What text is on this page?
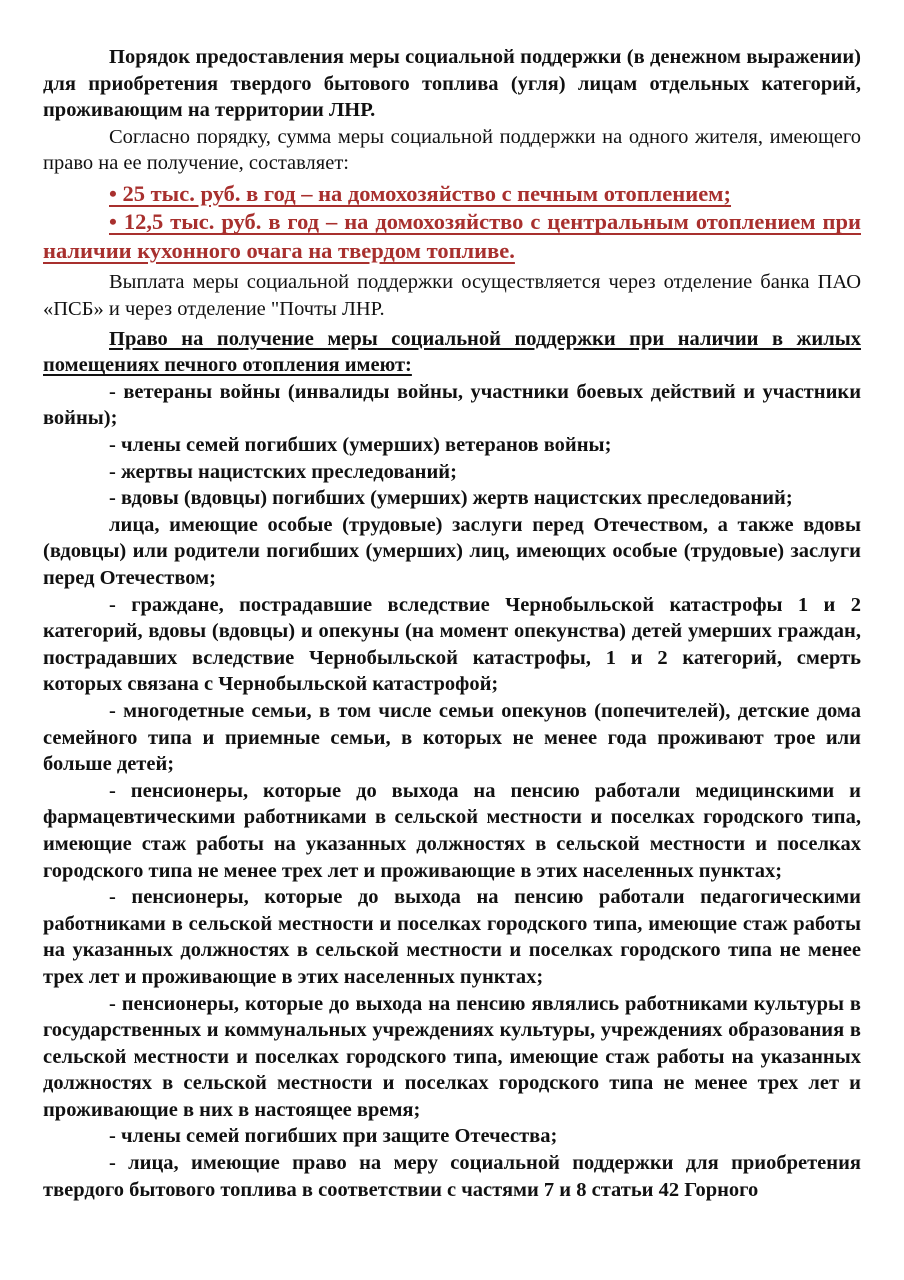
Порядок предоставления меры социальной поддержки (в денежном выражении) для приобретения твердого бытового топлива (угля) лицам отдельных категорий, проживающим на территории ЛНР.

Согласно порядку, сумма меры социальной поддержки на одного жителя, имеющего право на ее получение, составляет:

• 25 тыс. руб. в год – на домохозяйство с печным отоплением;

• 12,5 тыс. руб. в год – на домохозяйство с центральным отоплением при наличии кухонного очага на твердом топливе.

Выплата меры социальной поддержки осуществляется через отделение банка ПАО «ПСБ» и через отделение "Почты ЛНР.

Право на получение меры социальной поддержки при наличии в жилых помещениях печного отопления имеют:

- ветераны войны (инвалиды войны, участники боевых действий и участники войны);

- члены семей погибших (умерших) ветеранов войны;

- жертвы нацистских преследований;

- вдовы (вдовцы) погибших (умерших) жертв нацистских преследований;

лица, имеющие особые (трудовые) заслуги перед Отечеством, а также вдовы (вдовцы) или родители погибших (умерших) лиц, имеющих особые (трудовые) заслуги перед Отечеством;

- граждане, пострадавшие вследствие Чернобыльской катастрофы 1 и 2 категорий, вдовы (вдовцы) и опекуны (на момент опекунства) детей умерших граждан, пострадавших вследствие Чернобыльской катастрофы, 1 и 2 категорий, смерть которых связана с Чернобыльской катастрофой;

- многодетные семьи, в том числе семьи опекунов (попечителей), детские дома семейного типа и приемные семьи, в которых не менее года проживают трое или больше детей;

- пенсионеры, которые до выхода на пенсию работали медицинскими и фармацевтическими работниками в сельской местности и поселках городского типа, имеющие стаж работы на указанных должностях в сельской местности и поселках городского типа не менее трех лет и проживающие в этих населенных пунктах;

- пенсионеры, которые до выхода на пенсию работали педагогическими работниками в сельской местности и поселках городского типа, имеющие стаж работы на указанных должностях в сельской местности и поселках городского типа не менее трех лет и проживающие в этих населенных пунктах;

- пенсионеры, которые до выхода на пенсию являлись работниками культуры в государственных и коммунальных учреждениях культуры, учреждениях образования в сельской местности и поселках городского типа, имеющие стаж работы на указанных должностях в сельской местности и поселках городского типа не менее трех лет и проживающие в них в настоящее время;

- члены семей погибших при защите Отечества;

- лица, имеющие право на меру социальной поддержки для приобретения твердого бытового топлива в соответствии с частями 7 и 8 статьи 42 Горного
